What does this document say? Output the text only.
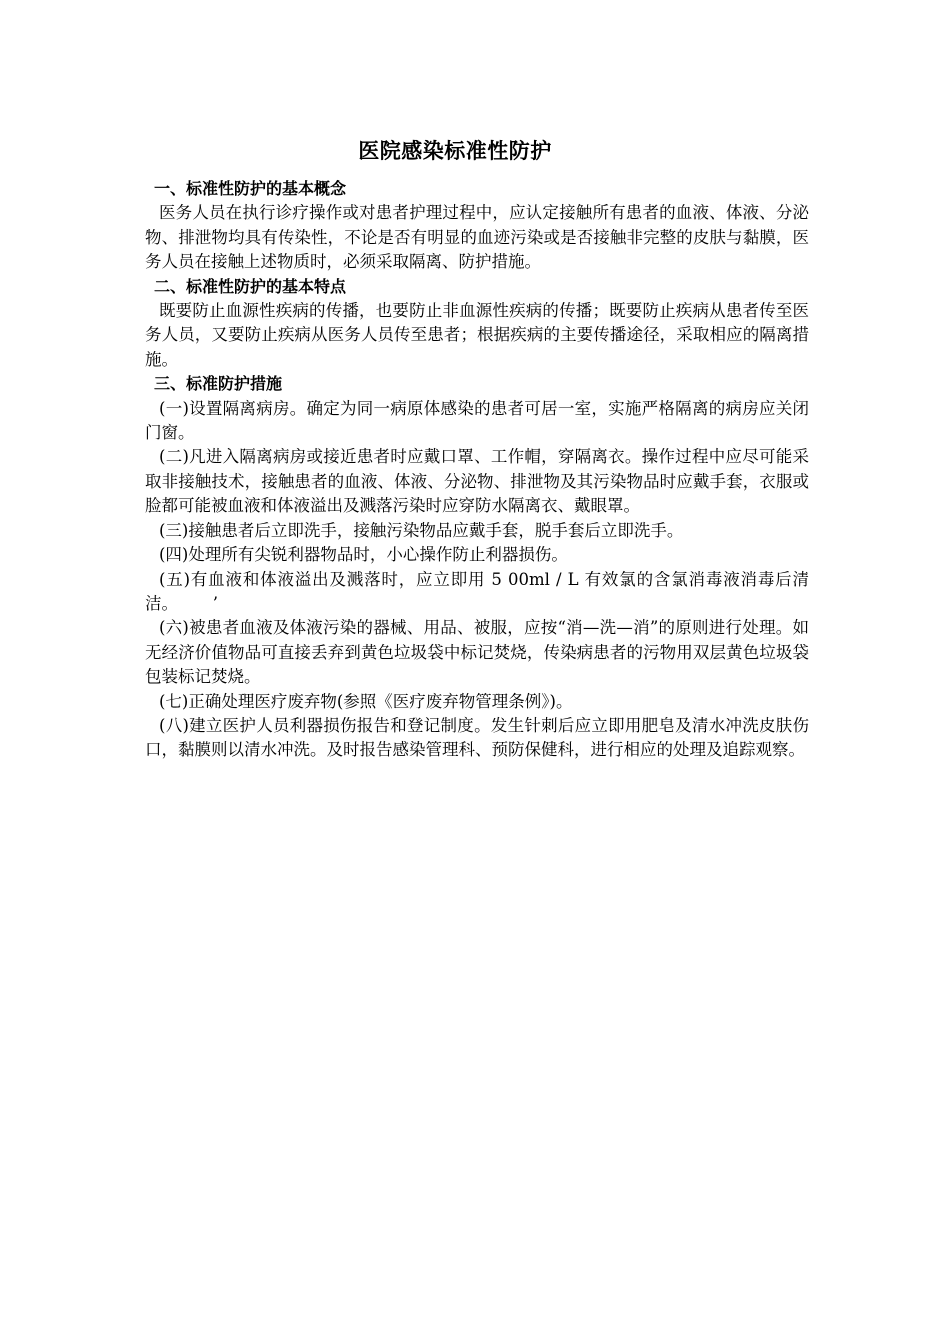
医院感染标准性防护

一、标准性防护的基本概念

医务人员在执行诊疗操作或对患者护理过程中，应认定接触所有患者的血液、体液、分泌物、排泄物均具有传染性，不论是否有明显的血迹污染或是否接触非完整的皮肤与黏膜，医务人员在接触上述物质时，必须采取隔离、防护措施。

二、标准性防护的基本特点

既要防止血源性疾病的传播，也要防止非血源性疾病的传播；既要防止疾病从患者传至医务人员，又要防止疾病从医务人员传至患者；根据疾病的主要传播途径，采取相应的隔离措施。

三、标准防护措施

(一)设置隔离病房。确定为同一病原体感染的患者可居一室，实施严格隔离的病房应关闭门窗。

(二)凡进入隔离病房或接近患者时应戴口罩、工作帽，穿隔离衣。操作过程中应尽可能采取非接触技术，接触患者的血液、体液、分泌物、排泄物及其污染物品时应戴手套，衣服或脸都可能被血液和体液溢出及溅落污染时应穿防水隔离衣、戴眼罩。

(三)接触患者后立即洗手，接触污染物品应戴手套，脱手套后立即洗手。

(四)处理所有尖锐利器物品时，小心操作防止利器损伤。

(五)有血液和体液溢出及溅落时，应立即用 5 00ml / L 有效氯的含氯消毒液消毒后清洁。 ’

(六)被患者血液及体液污染的器械、用品、被服，应按“消—洗—消”的原则进行处理。如无经济价值物品可直接丢弃到黄色垃圾袋中标记焚烧，传染病患者的污物用双层黄色垃圾袋包装标记焚烧。

(七)正确处理医疗废弃物(参照《医疗废弃物管理条例》)。

(八)建立医护人员利器损伤报告和登记制度。发生针刺后应立即用肥皂及清水冲洗皮肤伤口，黏膜则以清水冲洗。及时报告感染管理科、预防保健科，进行相应的处理及追踪观察。
